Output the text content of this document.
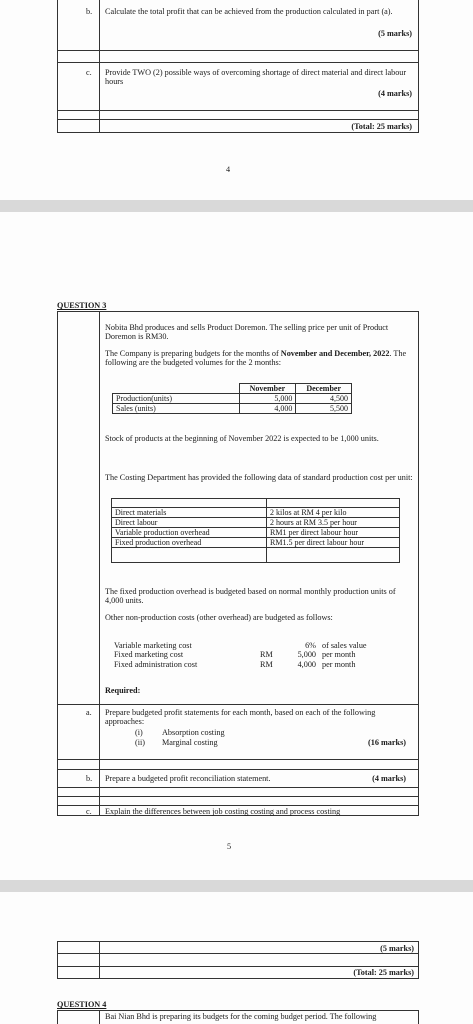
b. Calculate the total profit that can be achieved from the production calculated in part (a).
(5 marks)
c. Provide TWO (2) possible ways of overcoming shortage of direct material and direct labour hours
(4 marks)
(Total: 25 marks)
4
QUESTION 3
Nobita Bhd produces and sells Product Doremon. The selling price per unit of Product Doremon is RM30.
The Company is preparing budgets for the months of November and December, 2022. The following are the budgeted volumes for the 2 months:
	November	December
Production(units)	5,000	4,500
Sales (units)	4,000	5,500
Stock of products at the beginning of November 2022 is expected to be 1,000 units.
The Costing Department has provided the following data of standard production cost per unit:

Direct materials	2 kilos at RM 4 per kilo
Direct labour	2 hours at RM 3.5 per hour
Variable production overhead	RM1 per direct labour hour
Fixed production overhead	RM1.5 per direct labour hour

The fixed production overhead is budgeted based on normal monthly production units of 4,000 units.
Other non-production costs (other overhead) are budgeted as follows:
Variable marketing cost	6% of sales value
Fixed marketing cost	RM	5,000 per month
Fixed administration cost	RM	4,000 per month
Required:
a. Prepare budgeted profit statements for each month, based on each of the following approaches:
(i) Absorption costing
(ii) Marginal costing	(16 marks)
b. Prepare a budgeted profit reconciliation statement.	(4 marks)
c. Explain the differences between job costing costing and process costing
5
(5 marks)
(Total: 25 marks)
QUESTION 4
Bai Nian Bhd is preparing its budgets for the coming budget period. The following
